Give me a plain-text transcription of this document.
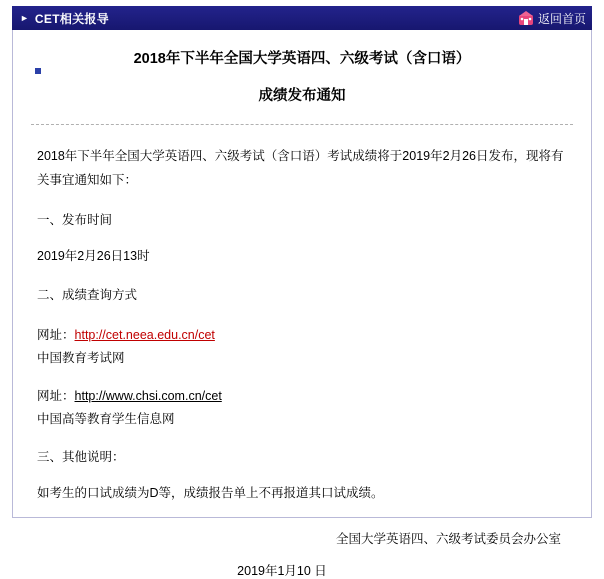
► CET相关报导	返回首页
2018年下半年全国大学英语四、六级考试（含口语）
成绩发布通知
2018年下半年全国大学英语四、六级考试（含口语）考试成绩将于2019年2月26日发布，现将有关事宜通知如下：
一、发布时间
2019年2月26日13时
二、成绩查询方式
网址：http://cet.neea.edu.cn/cet
中国教育考试网
网址：http://www.chsi.com.cn/cet
中国高等教育学生信息网
三、其他说明：
如考生的口试成绩为D等，成绩报告单上不再报道其口试成绩。
全国大学英语四、六级考试委员会办公室
2019年1月10 日
